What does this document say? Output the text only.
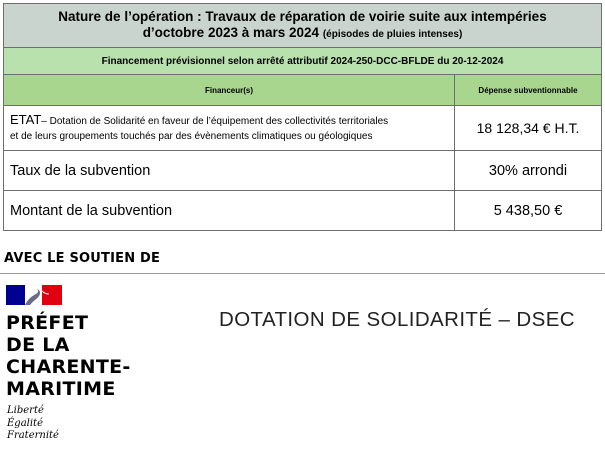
Nature de l’opération : Travaux de réparation de voirie suite aux intempéries
d’octobre 2023 à mars 2024 (épisodes de pluies intenses)	
Financement prévisionnel selon arrêté attributif 2024-250-DCC-BFLDE du 20-12-2024	
Financeur(s)	Dépense subventionnable
ETAT– Dotation de Solidarité en faveur de l’équipement des collectivités territoriales
et de leurs groupements touchés par des évènements climatiques ou géologiques	18 128,34 € H.T.
Taux de la subvention	30% arrondi
Montant de la subvention	5 438,50 €
AVEC LE SOUTIEN DE
PRÉFET
DE LA
CHARENTE-
MARITIME
Liberté
Égalité
Fraternité
DOTATION DE SOLIDARITÉ – DSEC
